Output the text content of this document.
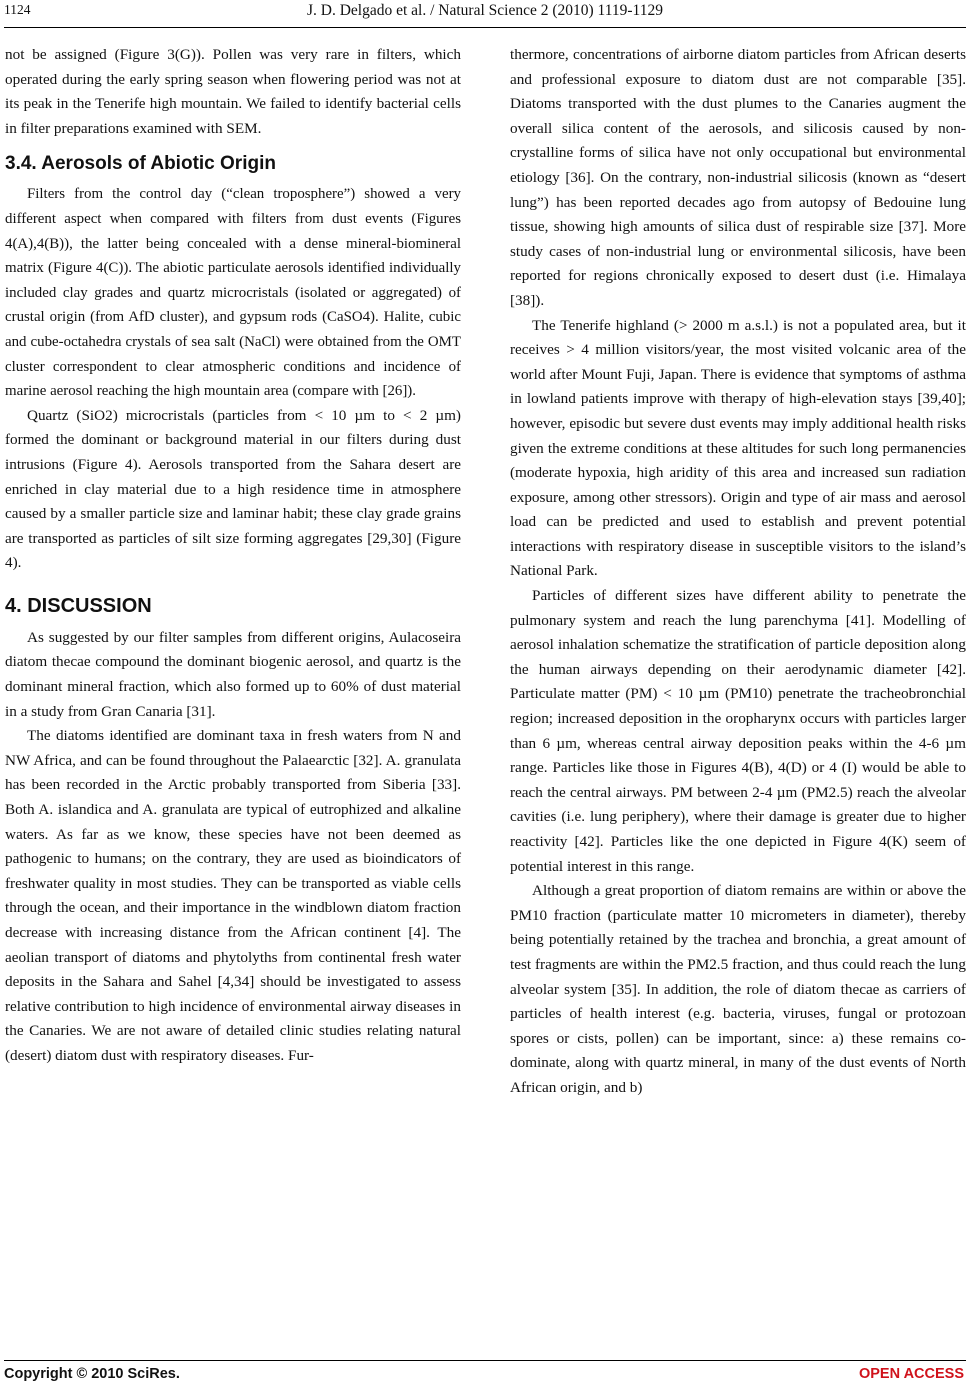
1124	J. D. Delgado et al. / Natural Science 2 (2010) 1119-1129

not be assigned (Figure 3(G)). Pollen was very rare in filters, which operated during the early spring season when flowering period was not at its peak in the Tenerife high mountain. We failed to identify bacterial cells in filter preparations examined with SEM.

3.4. Aerosols of Abiotic Origin

Filters from the control day (“clean troposphere”) showed a very different aspect when compared with filters from dust events (Figures 4(A),4(B)), the latter being concealed with a dense mineral-biomineral matrix (Figure 4(C)). The abiotic particulate aerosols identified individually included clay grades and quartz microcristals (isolated or aggregated) of crustal origin (from AfD cluster), and gypsum rods (CaSO4). Halite, cubic and cube-octahedra crystals of sea salt (NaCl) were obtained from the OMT cluster correspondent to clear atmospheric conditions and incidence of marine aerosol reaching the high mountain area (compare with [26]).

Quartz (SiO2) microcristals (particles from < 10 µm to < 2 µm) formed the dominant or background material in our filters during dust intrusions (Figure 4). Aerosols transported from the Sahara desert are enriched in clay material due to a high residence time in atmosphere caused by a smaller particle size and laminar habit; these clay grade grains are transported as particles of silt size forming aggregates [29,30] (Figure 4).

4. DISCUSSION

As suggested by our filter samples from different origins, Aulacoseira diatom thecae compound the dominant biogenic aerosol, and quartz is the dominant mineral fraction, which also formed up to 60% of dust material in a study from Gran Canaria [31].

The diatoms identified are dominant taxa in fresh waters from N and NW Africa, and can be found throughout the Palaearctic [32]. A. granulata has been recorded in the Arctic probably transported from Siberia [33]. Both A. islandica and A. granulata are typical of eutrophized and alkaline waters. As far as we know, these species have not been deemed as pathogenic to humans; on the contrary, they are used as bioindicators of freshwater quality in most studies. They can be transported as viable cells through the ocean, and their importance in the windblown diatom fraction decrease with increasing distance from the African continent [4]. The aeolian transport of diatoms and phytolyths from continental fresh water deposits in the Sahara and Sahel [4,34] should be investigated to assess relative contribution to high incidence of environmental airway diseases in the Canaries. We are not aware of detailed clinic studies relating natural (desert) diatom dust with respiratory diseases. Fur-

thermore, concentrations of airborne diatom particles from African deserts and professional exposure to diatom dust are not comparable [35]. Diatoms transported with the dust plumes to the Canaries augment the overall silica content of the aerosols, and silicosis caused by non-crystalline forms of silica have not only occupational but environmental etiology [36]. On the contrary, non-industrial silicosis (known as “desert lung”) has been reported decades ago from autopsy of Bedouine lung tissue, showing high amounts of silica dust of respirable size [37]. More study cases of non-industrial lung or environmental silicosis, have been reported for regions chronically exposed to desert dust (i.e. Himalaya [38]).

The Tenerife highland (> 2000 m a.s.l.) is not a populated area, but it receives > 4 million visitors/year, the most visited volcanic area of the world after Mount Fuji, Japan. There is evidence that symptoms of asthma in lowland patients improve with therapy of high-elevation stays [39,40]; however, episodic but severe dust events may imply additional health risks given the extreme conditions at these altitudes for such long permanencies (moderate hypoxia, high aridity of this area and increased sun radiation exposure, among other stressors). Origin and type of air mass and aerosol load can be predicted and used to establish and prevent potential interactions with respiratory disease in susceptible visitors to the island’s National Park.

Particles of different sizes have different ability to penetrate the pulmonary system and reach the lung parenchyma [41]. Modelling of aerosol inhalation schematize the stratification of particle deposition along the human airways depending on their aerodynamic diameter [42]. Particulate matter (PM) < 10 µm (PM10) penetrate the tracheobronchial region; increased deposition in the oropharynx occurs with particles larger than 6 µm, whereas central airway deposition peaks within the 4-6 µm range. Particles like those in Figures 4(B), 4(D) or 4 (I) would be able to reach the central airways. PM between 2-4 µm (PM2.5) reach the alveolar cavities (i.e. lung periphery), where their damage is greater due to higher reactivity [42]. Particles like the one depicted in Figure 4(K) seem of potential interest in this range.

Although a great proportion of diatom remains are within or above the PM10 fraction (particulate matter 10 micrometers in diameter), thereby being potentially retained by the trachea and bronchia, a great amount of test fragments are within the PM2.5 fraction, and thus could reach the lung alveolar system [35]. In addition, the role of diatom thecae as carriers of particles of health interest (e.g. bacteria, viruses, fungal or protozoan spores or cists, pollen) can be important, since: a) these remains co-dominate, along with quartz mineral, in many of the dust events of North African origin, and b)

Copyright © 2010 SciRes.	OPEN ACCESS
